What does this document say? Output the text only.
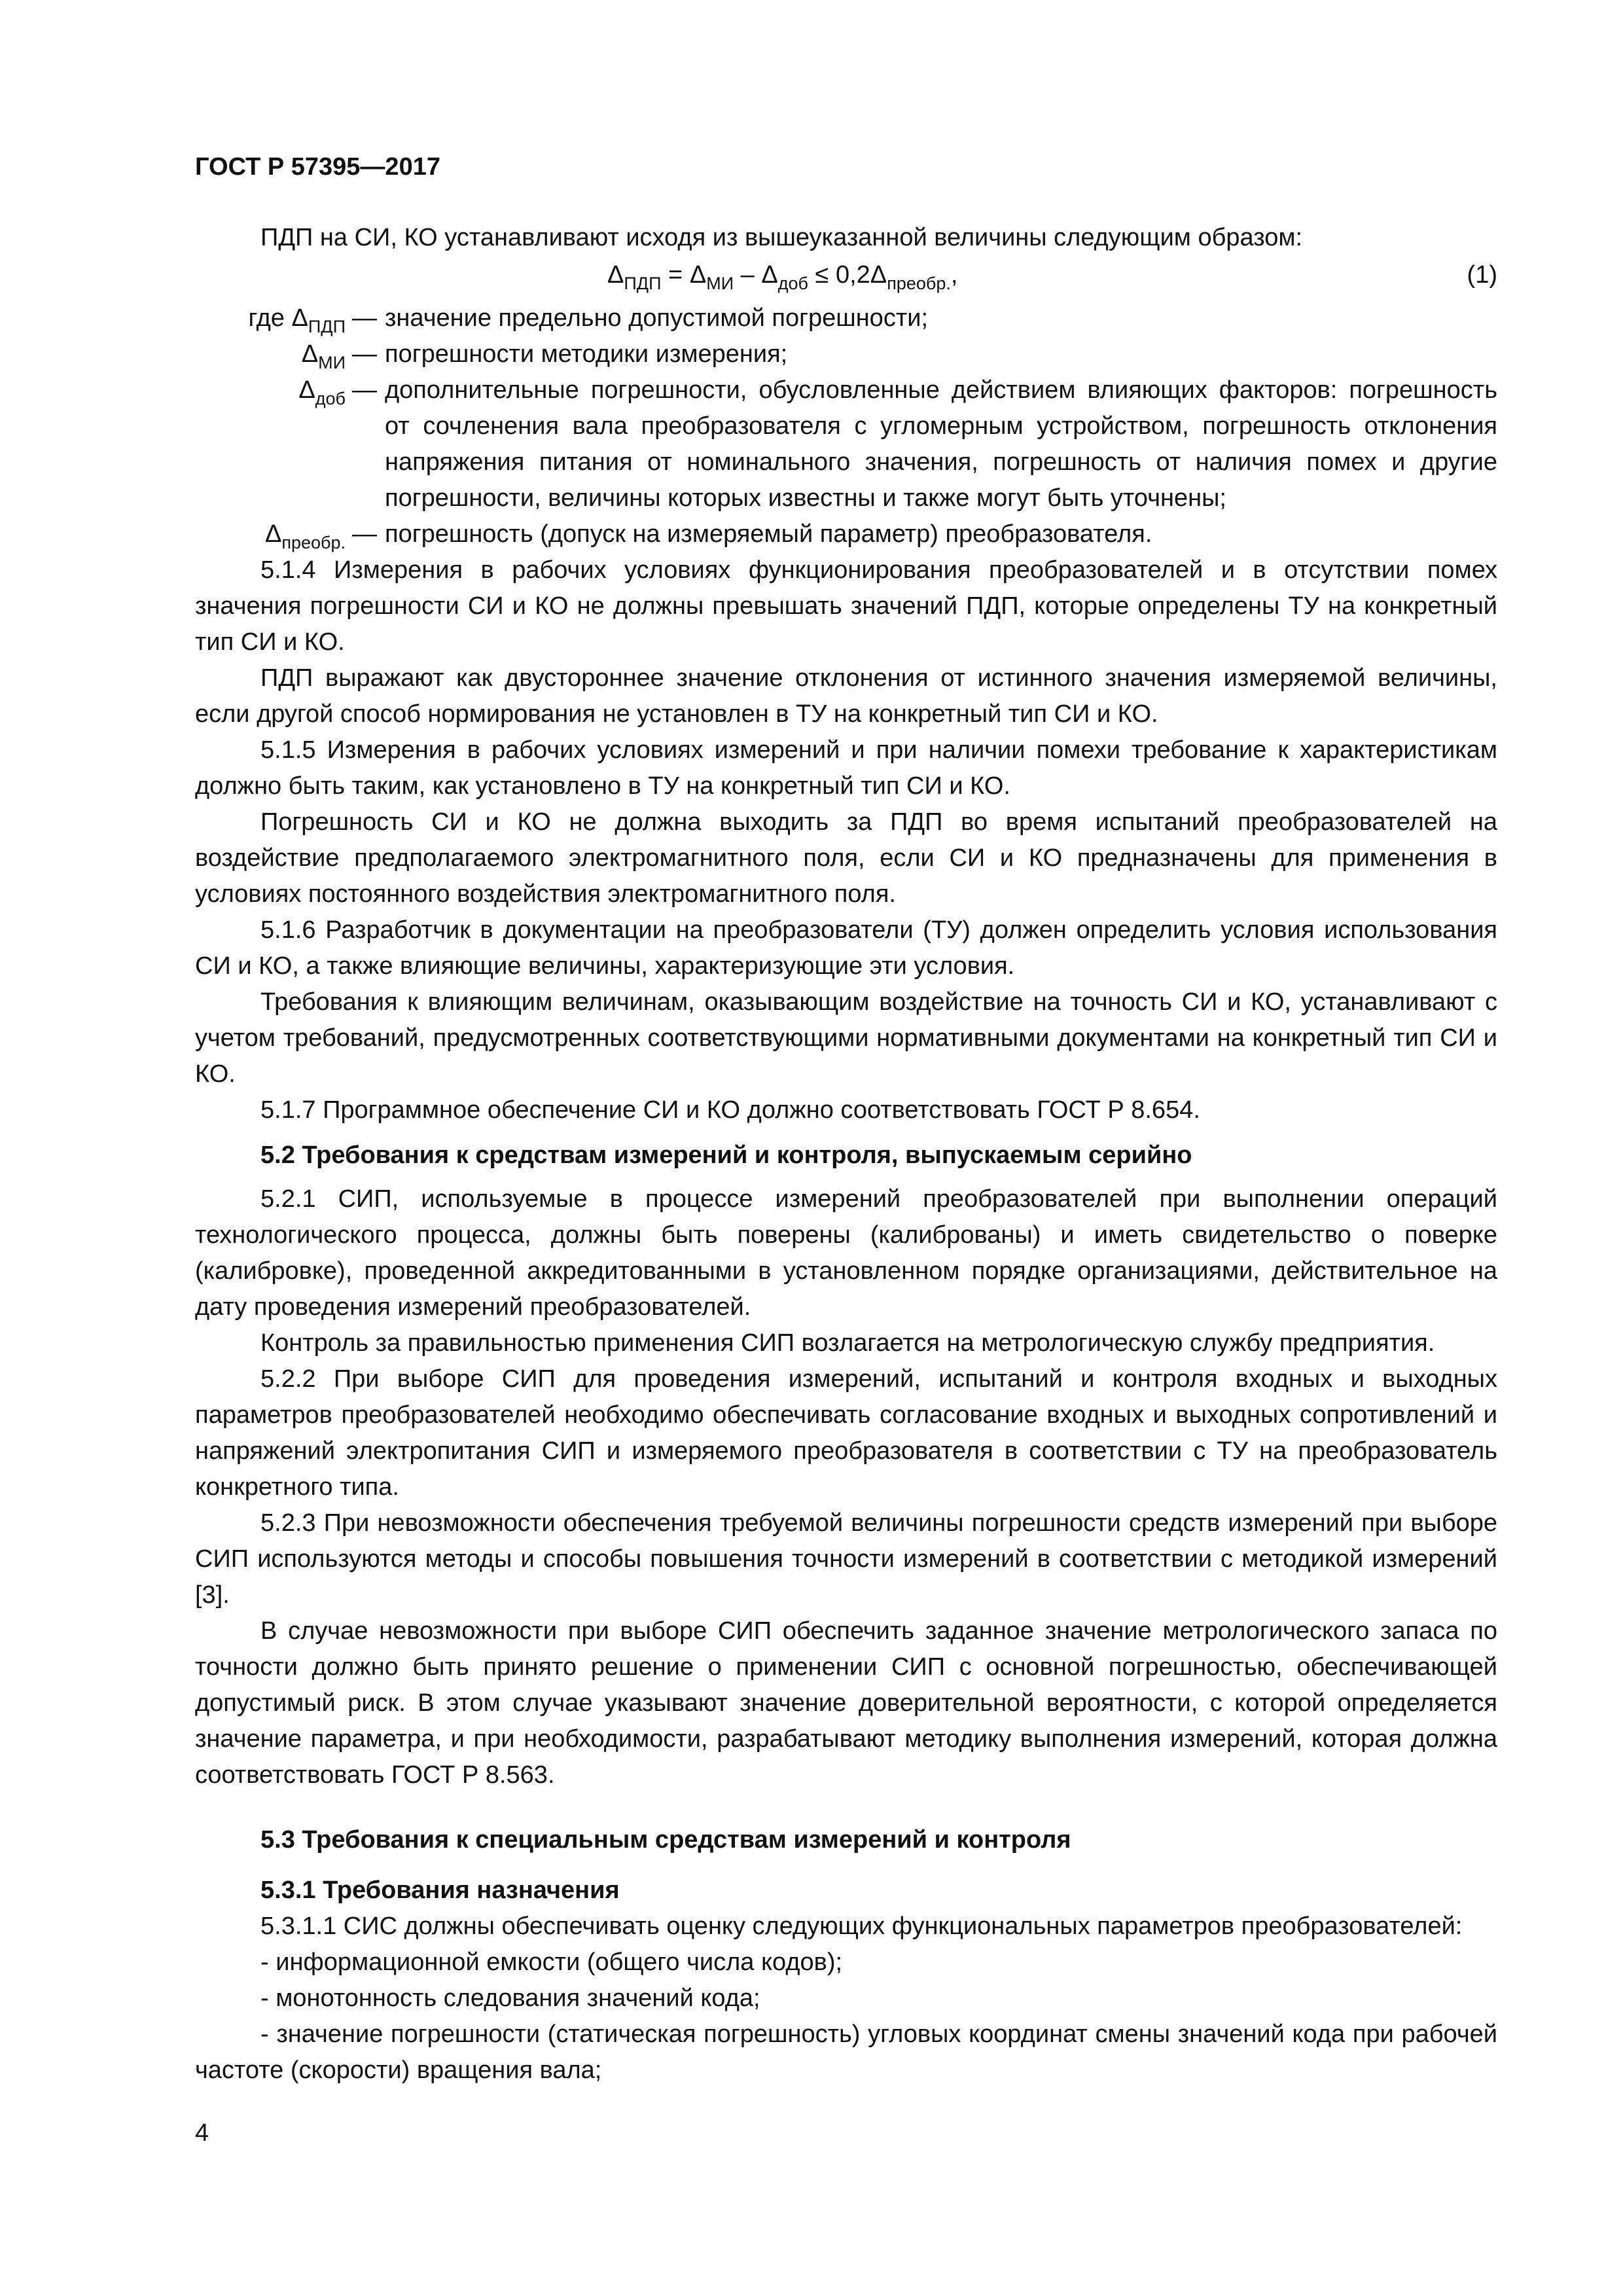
ГОСТ Р 57395—2017

ПДП на СИ, КО устанавливают исходя из вышеуказанной величины следующим образом:

$\Delta_{ПДП} = \Delta_{МИ} - \Delta_{доб} \le 0,2\Delta_{преобр.}$,	(1)
где $\Delta_{ПДП}$ — значение предельно допустимой погрешности;
$\Delta_{МИ}$ — погрешности методики измерения;
$\Delta_{доб}$ — дополнительные погрешности, обусловленные действием влияющих факторов: погрешность от сочленения вала преобразователя с угломерным устройством, погрешность отклонения напряжения питания от номинального значения, погрешность от наличия помех и другие погрешности, величины которых известны и также могут быть уточнены;
$\Delta_{преобр.}$ — погрешность (допуск на измеряемый параметр) преобразователя.

5.1.4 Измерения в рабочих условиях функционирования преобразователей и в отсутствии помех значения погрешности СИ и КО не должны превышать значений ПДП, которые определены ТУ на конкретный тип СИ и КО.

ПДП выражают как двустороннее значение отклонения от истинного значения измеряемой величины, если другой способ нормирования не установлен в ТУ на конкретный тип СИ и КО.

5.1.5 Измерения в рабочих условиях измерений и при наличии помехи требование к характеристикам должно быть таким, как установлено в ТУ на конкретный тип СИ и КО.

Погрешность СИ и КО не должна выходить за ПДП во время испытаний преобразователей на воздействие предполагаемого электромагнитного поля, если СИ и КО предназначены для применения в условиях постоянного воздействия электромагнитного поля.

5.1.6 Разработчик в документации на преобразователи (ТУ) должен определить условия использования СИ и КО, а также влияющие величины, характеризующие эти условия.

Требования к влияющим величинам, оказывающим воздействие на точность СИ и КО, устанавливают с учетом требований, предусмотренных соответствующими нормативными документами на конкретный тип СИ и КО.

5.1.7 Программное обеспечение СИ и КО должно соответствовать ГОСТ Р 8.654.

5.2 Требования к средствам измерений и контроля, выпускаемым серийно

5.2.1 СИП, используемые в процессе измерений преобразователей при выполнении операций технологического процесса, должны быть поверены (калиброваны) и иметь свидетельство о поверке (калибровке), проведенной аккредитованными в установленном порядке организациями, действительное на дату проведения измерений преобразователей.

Контроль за правильностью применения СИП возлагается на метрологическую службу предприятия.

5.2.2 При выборе СИП для проведения измерений, испытаний и контроля входных и выходных параметров преобразователей необходимо обеспечивать согласование входных и выходных сопротивлений и напряжений электропитания СИП и измеряемого преобразователя в соответствии с ТУ на преобразователь конкретного типа.

5.2.3 При невозможности обеспечения требуемой величины погрешности средств измерений при выборе СИП используются методы и способы повышения точности измерений в соответствии с методикой измерений [3].

В случае невозможности при выборе СИП обеспечить заданное значение метрологического запаса по точности должно быть принято решение о применении СИП с основной погрешностью, обеспечивающей допустимый риск. В этом случае указывают значение доверительной вероятности, с которой определяется значение параметра, и при необходимости, разрабатывают методику выполнения измерений, которая должна соответствовать ГОСТ Р 8.563.

5.3 Требования к специальным средствам измерений и контроля
5.3.1 Требования назначения

5.3.1.1 СИС должны обеспечивать оценку следующих функциональных параметров преобразователей:

- информационной емкости (общего числа кодов);

- монотонность следования значений кода;

- значение погрешности (статическая погрешность) угловых координат смены значений кода при рабочей частоте (скорости) вращения вала;

4
